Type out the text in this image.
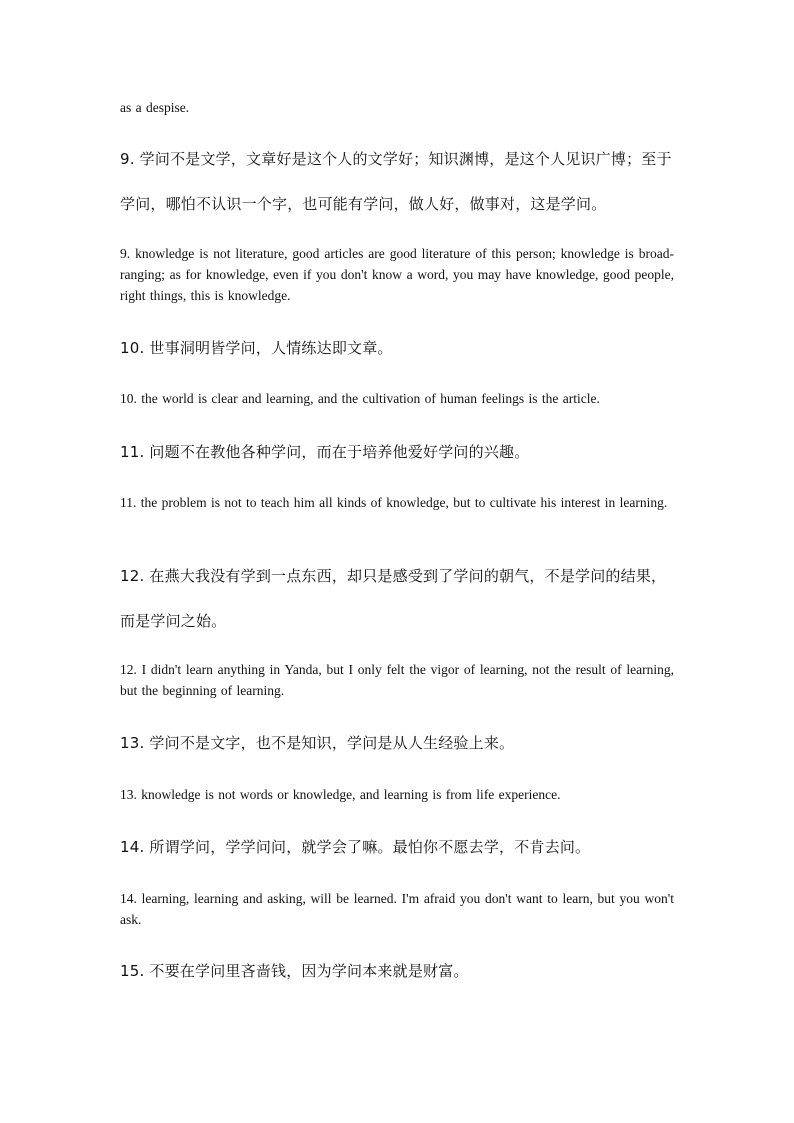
as a despise.

9. 学问不是文学，文章好是这个人的文学好；知识渊博，是这个人见识广博；至于学问，哪怕不认识一个字，也可能有学问，做人好，做事对，这是学问。

9. knowledge is not literature, good articles are good literature of this person; knowledge is broad-ranging; as for knowledge, even if you don't know a word, you may have knowledge, good people, right things, this is knowledge.

10. 世事洞明皆学问，人情练达即文章。

10. the world is clear and learning, and the cultivation of human feelings is the article.

11. 问题不在教他各种学问，而在于培养他爱好学问的兴趣。

11. the problem is not to teach him all kinds of knowledge, but to cultivate his interest in learning.

12. 在燕大我没有学到一点东西，却只是感受到了学问的朝气，不是学问的结果，而是学问之始。

12. I didn't learn anything in Yanda, but I only felt the vigor of learning, not the result of learning, but the beginning of learning.

13. 学问不是文字，也不是知识，学问是从人生经验上来。

13. knowledge is not words or knowledge, and learning is from life experience.

14. 所谓学问，学学问问，就学会了嘛。最怕你不愿去学，不肯去问。

14. learning, learning and asking, will be learned. I'm afraid you don't want to learn, but you won't ask.

15. 不要在学问里吝啬钱，因为学问本来就是财富。
